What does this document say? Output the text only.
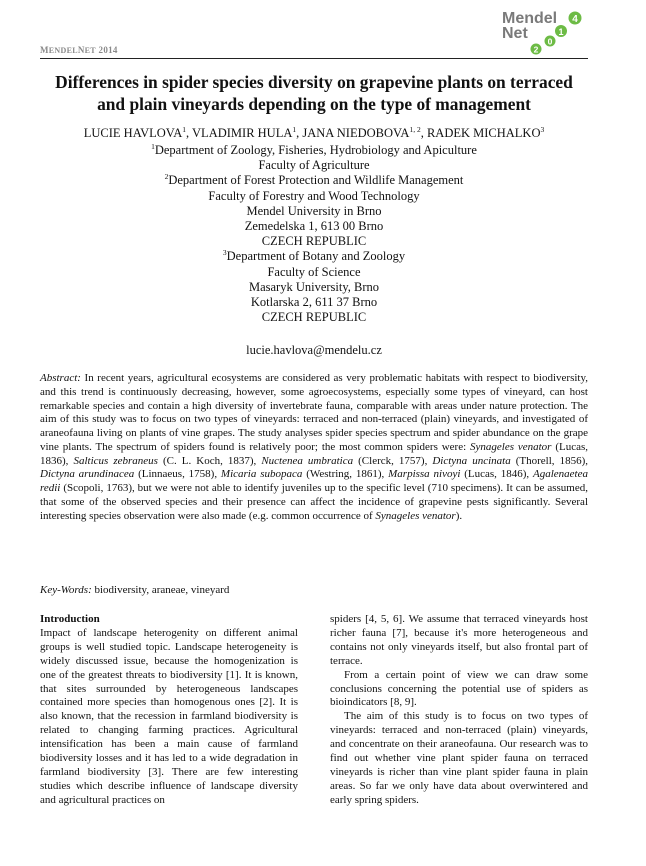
MENDELNET 2014
Mendel 4
Net	1
0
2
Differences in spider species diversity on grapevine plants on terraced
and plain vineyards depending on the type of management
LUCIE HAVLOVA$^1$, VLADIMIR HULA$^1$, JANA NIEDOBOVA$^{1, 2}$, RADEK MICHALKO$^3$
$^1$Department of Zoology, Fisheries, Hydrobiology and Apiculture
Faculty of Agriculture
$^2$Department of Forest Protection and Wildlife Management
Faculty of Forestry and Wood Technology
Mendel University in Brno
Zemedelska 1, 613 00 Brno
CZECH REPUBLIC
$^3$Department of Botany and Zoology
Faculty of Science
Masaryk University, Brno
Kotlarska 2, 611 37 Brno
CZECH REPUBLIC
lucie.havlova@mendelu.cz

Abstract: In recent years, agricultural ecosystems are considered as very problematic habitats with respect to biodiversity, and this trend is continuously decreasing, however, some agroecosystems, especially some types of vineyard, can host remarkable species and contain a high diversity of invertebrate fauna, comparable with areas under nature protection. The aim of this study was to focus on two types of vineyards: terraced and non-terraced (plain) vineyards, and investigated of araneofauna living on plants of vine grapes. The study analyses spider species spectrum and spider abundance on the grape vine plants. The spectrum of spiders found is relatively poor; the most common spiders were: Synageles venator (Lucas, 1836), Salticus zebraneus (C. L. Koch, 1837), Nuctenea umbratica (Clerck, 1757), Dictyna uncinata (Thorell, 1856), Dictyna arundinacea (Linnaeus, 1758), Micaria subopaca (Westring, 1861), Marpissa nivoyi (Lucas, 1846), Agalenaetea redii (Scopoli, 1763), but we were not able to identify juveniles up to the specific level (710 specimens). It can be assumed, that some of the observed species and their presence can affect the incidence of grapevine pests significantly. Several interesting species observation were also made (e.g. common occurrence of Synageles venator).

Key-Words: biodiversity, araneae, vineyard

Introduction

Impact of landscape heterogenity on different animal groups is well studied topic. Landscape heterogeneity is widely discussed issue, because the homogenization is one of the greatest threats to biodiversity [1]. It is known, that sites surrounded by heterogeneous landscapes contained more species than homogenous ones [2]. It is also known, that the recession in farmland biodiversity is related to changing farming practices. Agricultural intensification has been a main cause of farmland biodiversity losses and it has led to a wide degradation in farmland biodiversity [3]. There are few interesting studies which describe influence of landscape diversity and agricultural practices on

spiders [4, 5, 6]. We assume that terraced vineyards host richer fauna [7], because it's more heterogeneous and contains not only vineyards itself, but also frontal part of terrace.

From a certain point of view we can draw some conclusions concerning the potential use of spiders as bioindicators [8, 9].

The aim of this study is to focus on two types of vineyards: terraced and non-terraced (plain) vineyards, and concentrate on their araneofauna. Our research was to find out whether vine plant spider fauna on terraced vineyards is richer than vine plant spider fauna in plain areas. So far we only have data about overwintered and early spring spiders.
